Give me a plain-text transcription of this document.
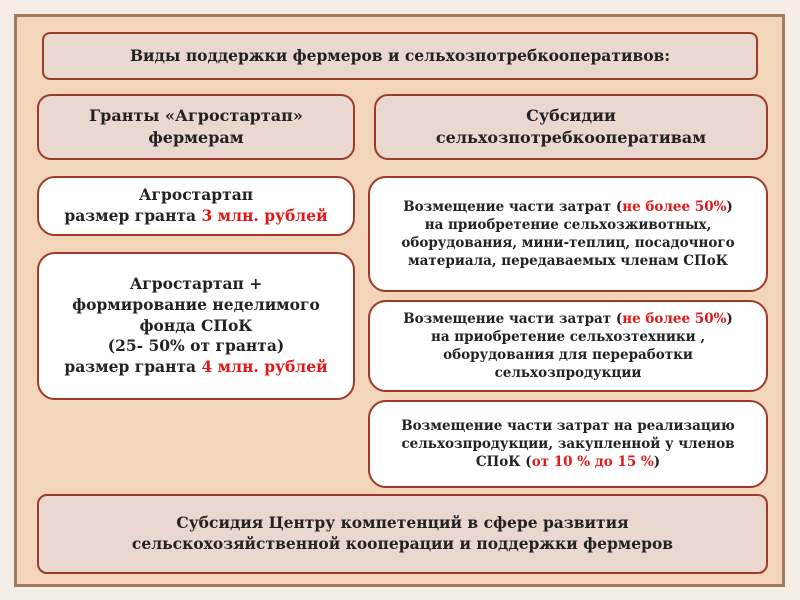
Виды поддержки фермеров и сельхозпотребкооперативов:
Гранты «Агростартап»
фермерам
Субсидии
сельхозпотребкооперативам
Агростартап
размер гранта 3 млн. рублей
Агростартап +
формирование неделимого
фонда СПоК
(25- 50% от гранта)
размер гранта 4 млн. рублей
Возмещение части затрат (не более 50%)
на приобретение сельхозживотных,
оборудования, мини-теплиц, посадочного
материала, передаваемых членам СПоК
Возмещение части затрат (не более 50%)
на приобретение сельхозтехники ,
оборудования для переработки
сельхозпродукции
Возмещение части затрат на реализацию
сельхозпродукции, закупленной у членов
СПоК (от 10 % до 15 %)
Субсидия Центру компетенций в сфере развития
сельскохозяйственной кооперации и поддержки фермеров
